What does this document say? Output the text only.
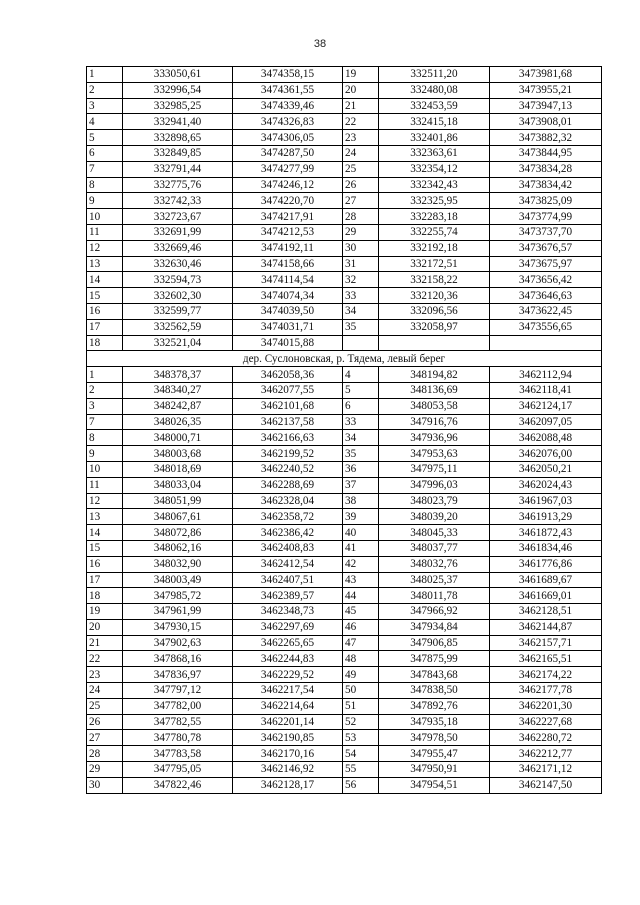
38
1	333050,61	3474358,15	19	332511,20	3473981,68
2	332996,54	3474361,55	20	332480,08	3473955,21
3	332985,25	3474339,46	21	332453,59	3473947,13
4	332941,40	3474326,83	22	332415,18	3473908,01
5	332898,65	3474306,05	23	332401,86	3473882,32
6	332849,85	3474287,50	24	332363,61	3473844,95
7	332791,44	3474277,99	25	332354,12	3473834,28
8	332775,76	3474246,12	26	332342,43	3473834,42
9	332742,33	3474220,70	27	332325,95	3473825,09
10	332723,67	3474217,91	28	332283,18	3473774,99
11	332691,99	3474212,53	29	332255,74	3473737,70
12	332669,46	3474192,11	30	332192,18	3473676,57
13	332630,46	3474158,66	31	332172,51	3473675,97
14	332594,73	3474114,54	32	332158,22	3473656,42
15	332602,30	3474074,34	33	332120,36	3473646,63
16	332599,77	3474039,50	34	332096,56	3473622,45
17	332562,59	3474031,71	35	332058,97	3473556,65
18	332521,04	3474015,88			
дер. Суслоновская, р. Тядема, левый берег					
1	348378,37	3462058,36	4	348194,82	3462112,94
2	348340,27	3462077,55	5	348136,69	3462118,41
3	348242,87	3462101,68	6	348053,58	3462124,17
7	348026,35	3462137,58	33	347916,76	3462097,05
8	348000,71	3462166,63	34	347936,96	3462088,48
9	348003,68	3462199,52	35	347953,63	3462076,00
10	348018,69	3462240,52	36	347975,11	3462050,21
11	348033,04	3462288,69	37	347996,03	3462024,43
12	348051,99	3462328,04	38	348023,79	3461967,03
13	348067,61	3462358,72	39	348039,20	3461913,29
14	348072,86	3462386,42	40	348045,33	3461872,43
15	348062,16	3462408,83	41	348037,77	3461834,46
16	348032,90	3462412,54	42	348032,76	3461776,86
17	348003,49	3462407,51	43	348025,37	3461689,67
18	347985,72	3462389,57	44	348011,78	3461669,01
19	347961,99	3462348,73	45	347966,92	3462128,51
20	347930,15	3462297,69	46	347934,84	3462144,87
21	347902,63	3462265,65	47	347906,85	3462157,71
22	347868,16	3462244,83	48	347875,99	3462165,51
23	347836,97	3462229,52	49	347843,68	3462174,22
24	347797,12	3462217,54	50	347838,50	3462177,78
25	347782,00	3462214,64	51	347892,76	3462201,30
26	347782,55	3462201,14	52	347935,18	3462227,68
27	347780,78	3462190,85	53	347978,50	3462280,72
28	347783,58	3462170,16	54	347955,47	3462212,77
29	347795,05	3462146,92	55	347950,91	3462171,12
30	347822,46	3462128,17	56	347954,51	3462147,50
